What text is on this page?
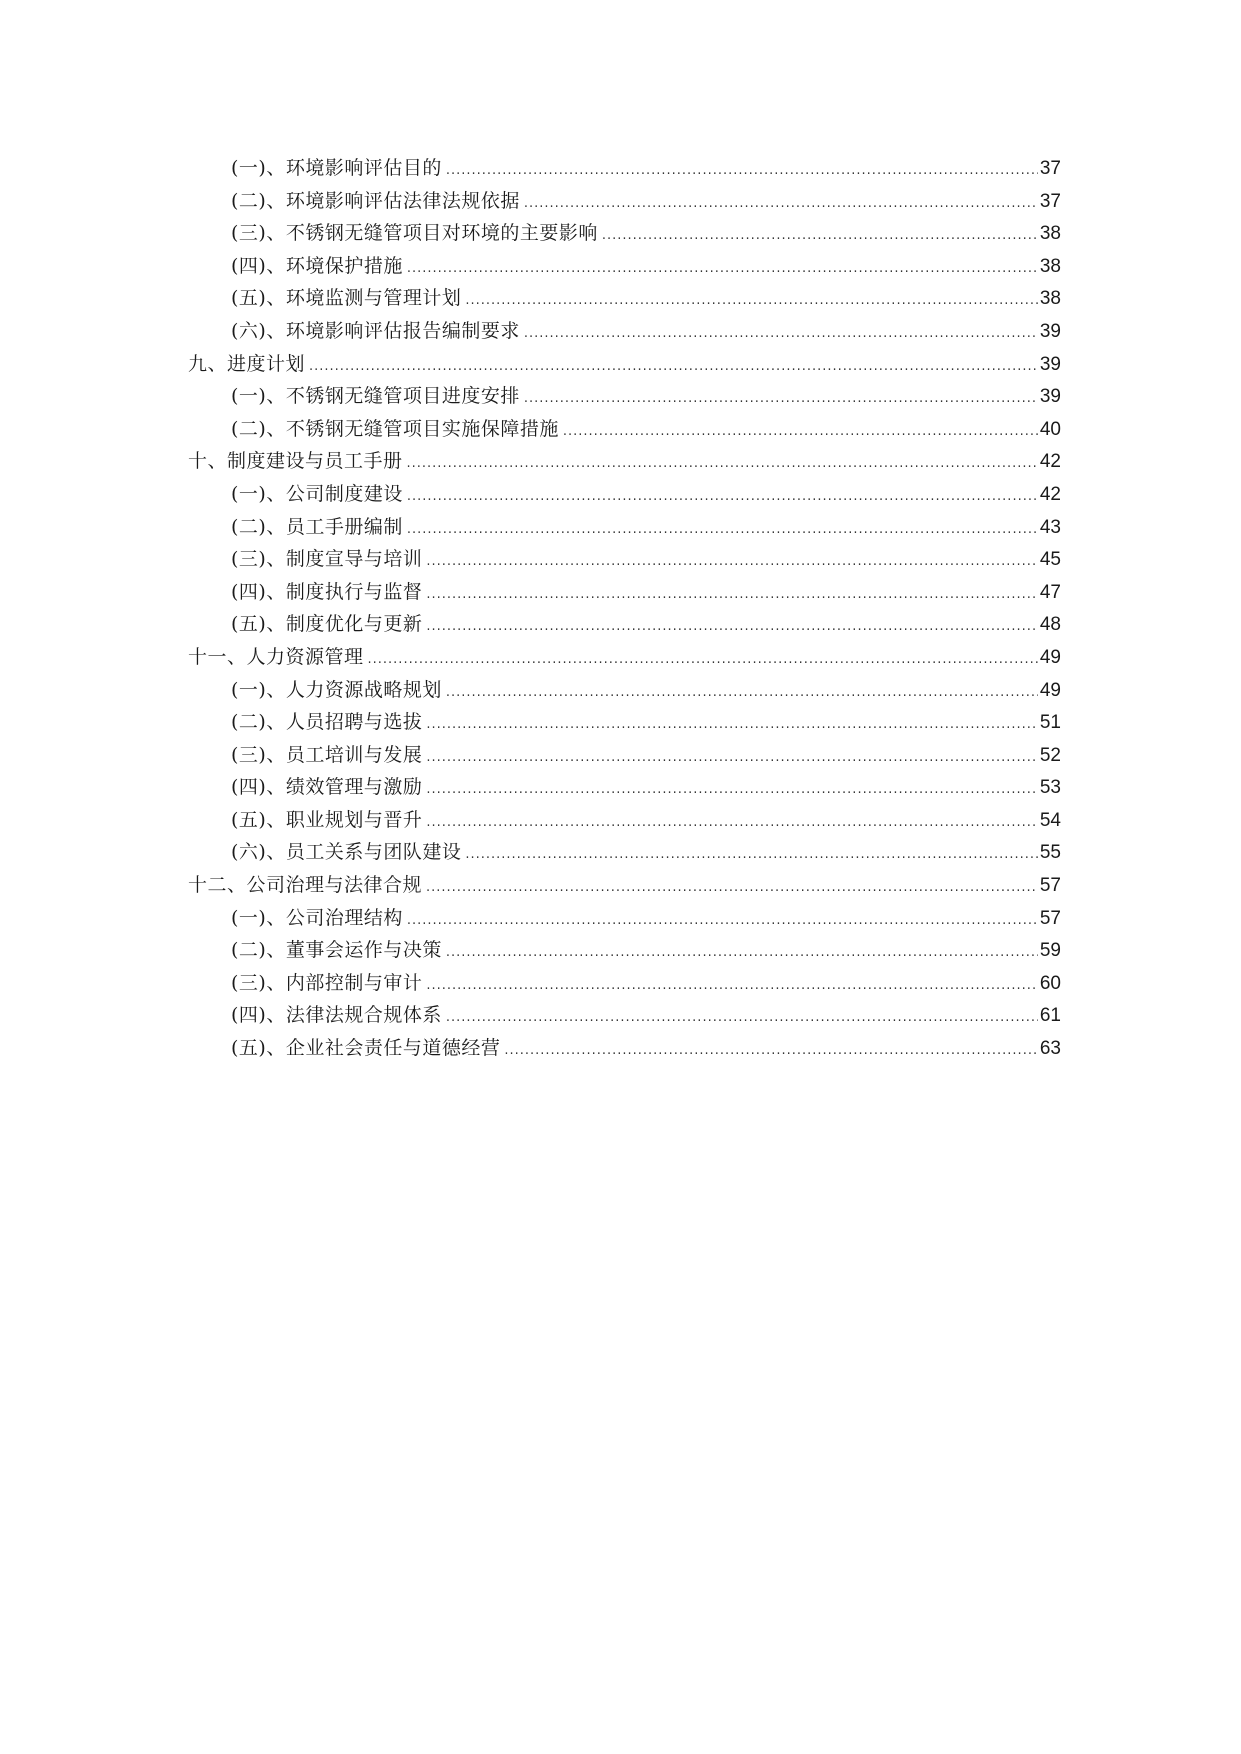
(一)、环境影响评估目的 .....	37
(二)、环境影响评估法律法规依据 .....	37
(三)、不锈钢无缝管项目对环境的主要影响 .....	38
(四)、环境保护措施 .....	38
(五)、环境监测与管理计划 .....	38
(六)、环境影响评估报告编制要求 .....	39
九、进度计划 .....	39
(一)、不锈钢无缝管项目进度安排 .....	39
(二)、不锈钢无缝管项目实施保障措施 .....	40
十、制度建设与员工手册 .....	42
(一)、公司制度建设 .....	42
(二)、员工手册编制 .....	43
(三)、制度宣导与培训 .....	45
(四)、制度执行与监督 .....	47
(五)、制度优化与更新 .....	48
十一、人力资源管理 .....	49
(一)、人力资源战略规划 .....	49
(二)、人员招聘与选拔 .....	51
(三)、员工培训与发展 .....	52
(四)、绩效管理与激励 .....	53
(五)、职业规划与晋升 .....	54
(六)、员工关系与团队建设 .....	55
十二、公司治理与法律合规 .....	57
(一)、公司治理结构 .....	57
(二)、董事会运作与决策 .....	59
(三)、内部控制与审计 .....	60
(四)、法律法规合规体系 .....	61
(五)、企业社会责任与道德经营 .....	63
